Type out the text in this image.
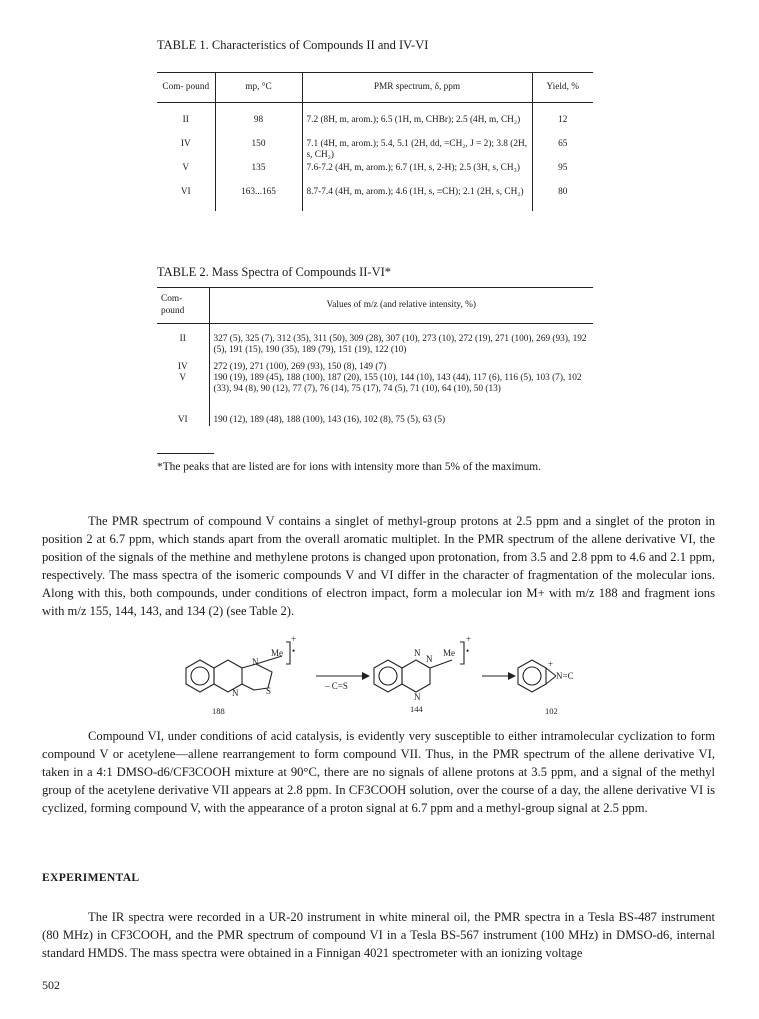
TABLE 1. Characteristics of Compounds II and IV-VI
Com- pound	mp, °C	PMR spectrum, δ, ppm	Yield, %

II	98	7.2 (8H, m, arom.); 6.5 (1H, m, CHBr); 2.5 (4H, m, CH₂)	12
IV	150	7.1 (4H, m, arom.); 5.4, 5.1 (2H, dd, =CH₂, J = 2); 3.8 (2H, s, CH₂)	65
V	135	7.6-7.2 (4H, m, arom.); 6.7 (1H, s, 2-H); 2.5 (3H, s, CH₃)	95
VI	163...165	8.7-7.4 (4H, m, arom.); 4.6 (1H, s, ≡CH); 2.1 (2H, s, CH₂)	80
TABLE 2. Mass Spectra of Compounds II-VI*
Com- pound	Values of m/z (and relative intensity, %)

II	327 (5), 325 (7), 312 (35), 311 (50), 309 (28), 307 (10), 273 (10), 272 (19), 271 (100), 269 (93), 192 (5), 191 (15), 190 (35), 189 (79), 151 (19), 122 (10)
IV	272 (19), 271 (100), 269 (93), 150 (8), 149 (7)
V	190 (19), 189 (45), 188 (100), 187 (20), 155 (10), 144 (10), 143 (44), 117 (6), 116 (5), 103 (7), 102 (33), 94 (8), 90 (12), 77 (7), 76 (14), 75 (17), 74 (5), 71 (10), 64 (10), 50 (13)
VI	190 (12), 189 (48), 188 (100), 143 (16), 102 (8), 75 (5), 63 (5)
*The peaks that are listed are for ions with intensity more than 5% of the maximum.
The PMR spectrum of compound V contains a singlet of methyl-group protons at 2.5 ppm and a singlet of the proton in position 2 at 6.7 ppm, which stands apart from the overall aromatic multiplet. In the PMR spectrum of the allene derivative VI, the position of the signals of the methine and methylene protons is changed upon protonation, from 3.5 and 2.8 ppm to 4.6 and 2.1 ppm, respectively. The mass spectra of the isomeric compounds V and VI differ in the character of fragmentation of the molecular ions. Along with this, both compounds, under conditions of electron impact, form a molecular ion M+ with m/z 188 and fragment ions with m/z 155, 144, 143, and 134 (2) (see Table 2).
Me
N
N	S
+
•
– C=S
N
N
N
Me
+
•
+
N=C
188	144	102
Compound VI, under conditions of acid catalysis, is evidently very susceptible to either intramolecular cyclization to form compound V or acetylene—allene rearrangement to form compound VII. Thus, in the PMR spectrum of the allene derivative VI, taken in a 4:1 DMSO-d6/CF3COOH mixture at 90°C, there are no signals of allene protons at 3.5 ppm, and a signal of the methyl group of the acetylene derivative VII appears at 2.8 ppm. In CF3COOH solution, over the course of a day, the allene derivative VI is cyclized, forming compound V, with the appearance of a proton signal at 6.7 ppm and a methyl-group signal at 2.5 ppm.
EXPERIMENTAL
The IR spectra were recorded in a UR-20 instrument in white mineral oil, the PMR spectra in a Tesla BS-487 instrument (80 MHz) in CF3COOH, and the PMR spectrum of compound VI in a Tesla BS-567 instrument (100 MHz) in DMSO-d6, internal standard HMDS. The mass spectra were obtained in a Finnigan 4021 spectrometer with an ionizing voltage
502
